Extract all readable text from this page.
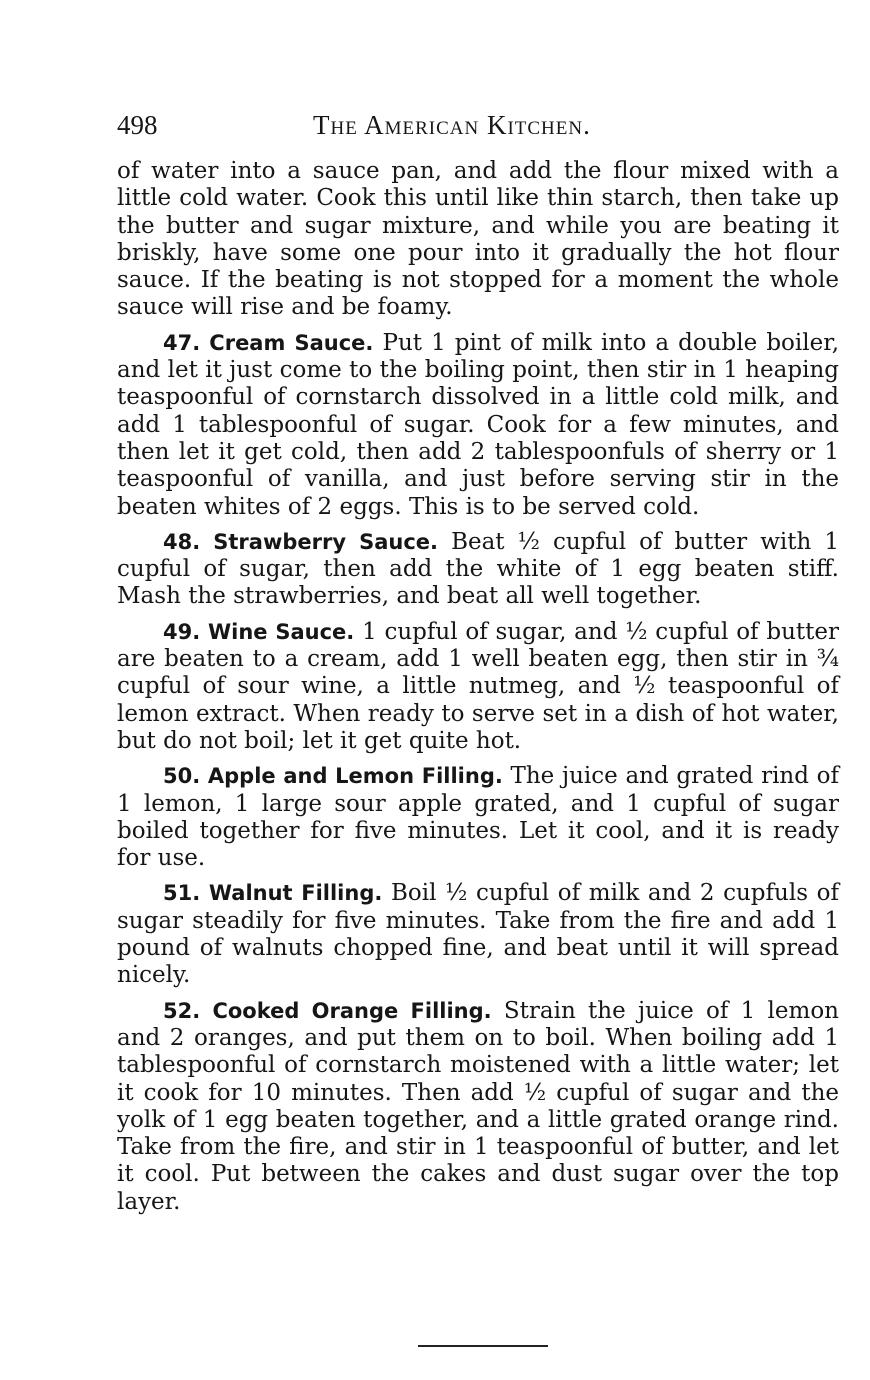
498	The American Kitchen.

of water into a sauce pan, and add the flour mixed with a little cold water. Cook this until like thin starch, then take up the butter and sugar mixture, and while you are beating it briskly, have some one pour into it gradually the hot flour sauce. If the beating is not stopped for a moment the whole sauce will rise and be foamy.

47. Cream Sauce. Put 1 pint of milk into a double boiler, and let it just come to the boiling point, then stir in 1 heaping teaspoonful of cornstarch dissolved in a little cold milk, and add 1 tablespoonful of sugar. Cook for a few minutes, and then let it get cold, then add 2 tablespoonfuls of sherry or 1 teaspoonful of vanilla, and just before serving stir in the beaten whites of 2 eggs. This is to be served cold.

48. Strawberry Sauce. Beat ½ cupful of butter with 1 cupful of sugar, then add the white of 1 egg beaten stiff. Mash the strawberries, and beat all well together.

49. Wine Sauce. 1 cupful of sugar, and ½ cupful of butter are beaten to a cream, add 1 well beaten egg, then stir in ¾ cupful of sour wine, a little nutmeg, and ½ teaspoonful of lemon extract. When ready to serve set in a dish of hot water, but do not boil; let it get quite hot.

50. Apple and Lemon Filling. The juice and grated rind of 1 lemon, 1 large sour apple grated, and 1 cupful of sugar boiled together for five minutes. Let it cool, and it is ready for use.

51. Walnut Filling. Boil ½ cupful of milk and 2 cupfuls of sugar steadily for five minutes. Take from the fire and add 1 pound of walnuts chopped fine, and beat until it will spread nicely.

52. Cooked Orange Filling. Strain the juice of 1 lemon and 2 oranges, and put them on to boil. When boiling add 1 tablespoonful of cornstarch moistened with a little water; let it cook for 10 minutes. Then add ½ cupful of sugar and the yolk of 1 egg beaten together, and a little grated orange rind. Take from the fire, and stir in 1 teaspoonful of butter, and let it cool. Put between the cakes and dust sugar over the top layer.
